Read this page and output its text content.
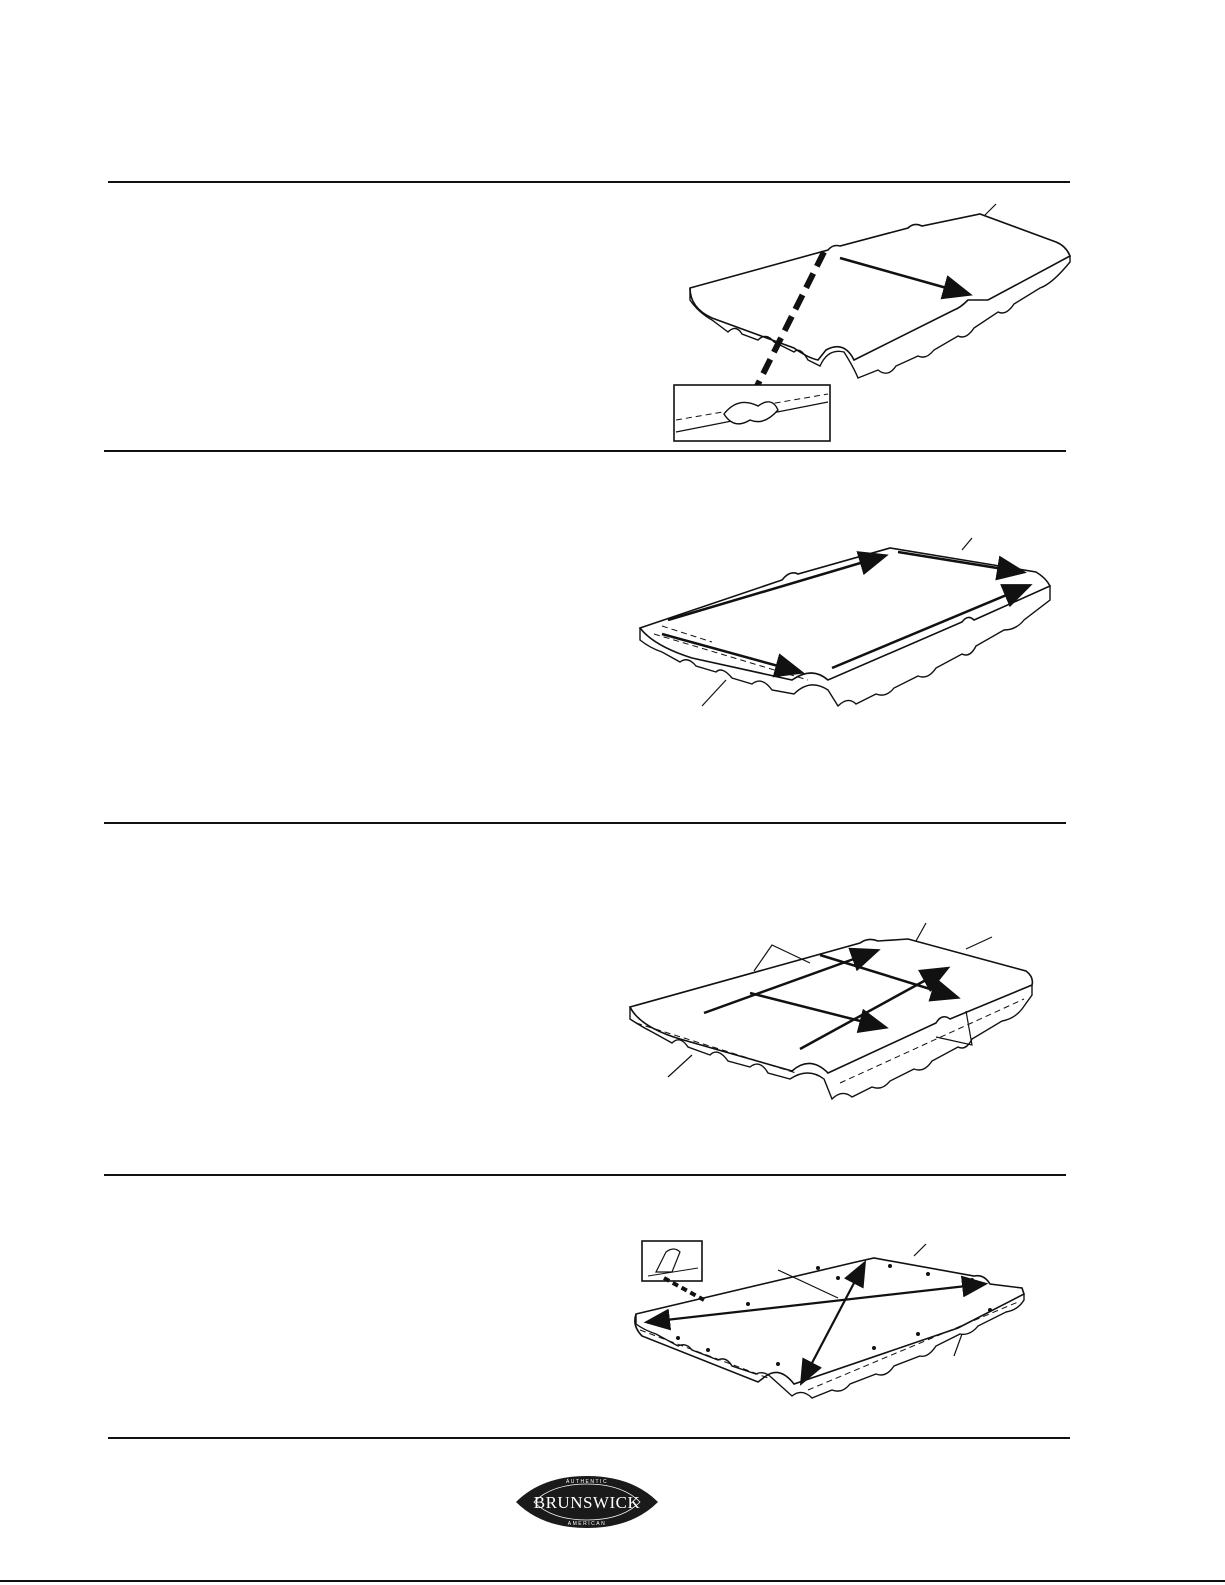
AUTHENTIC
BRUNSWICK
AMERICAN
